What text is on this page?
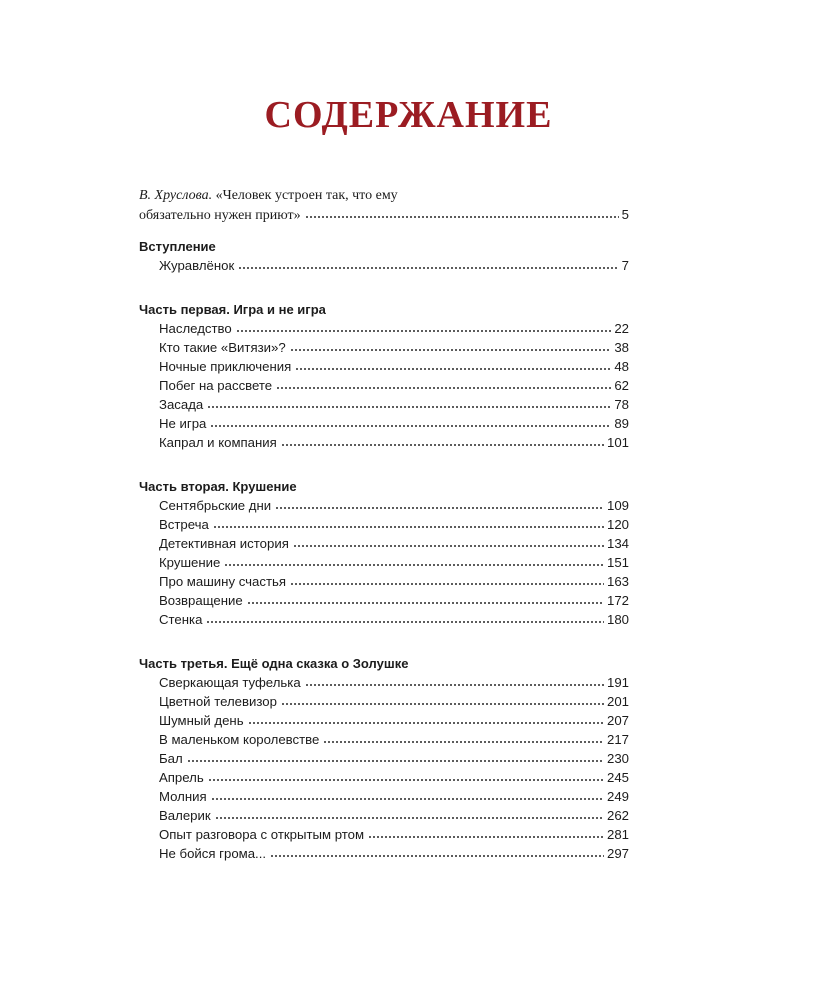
СОДЕРЖАНИЕ
В. Хруслова. «Человек устроен так, что ему
обязательно нужен приют»	5
Вступление
Журавлёнок	7
Часть первая. Игра и не игра
Наследство	22
Кто такие «Витязи»?	38
Ночные приключения	48
Побег на рассвете	62
Засада	78
Не игра	89
Капрал и компания	101
Часть вторая. Крушение
Сентябрьские дни	109
Встреча	120
Детективная история	134
Крушение	151
Про машину счастья	163
Возвращение	172
Стенка	180
Часть третья. Ещё одна сказка о Золушке
Сверкающая туфелька	191
Цветной телевизор	201
Шумный день	207
В маленьком королевстве	217
Бал	230
Апрель	245
Молния	249
Валерик	262
Опыт разговора с открытым ртом	281
Не бойся грома...	297
